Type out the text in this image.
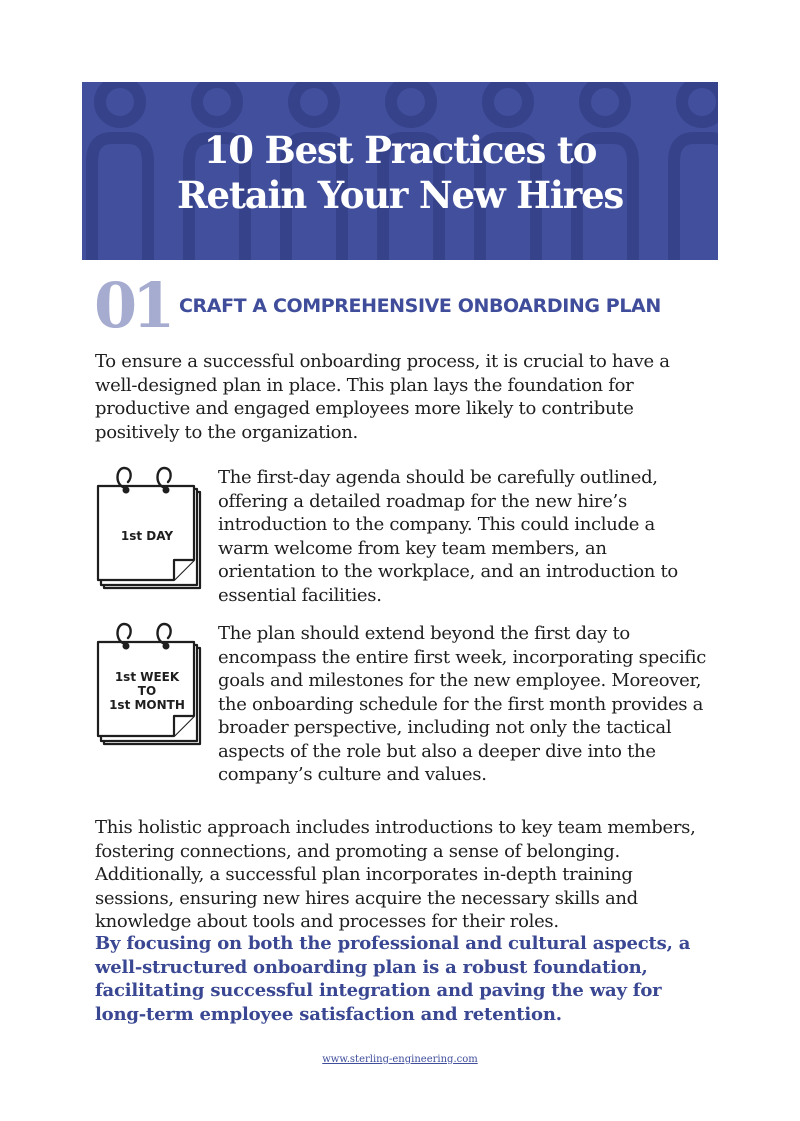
10 Best Practices to
Retain Your New Hires
01 CRAFT A COMPREHENSIVE ONBOARDING PLAN

To ensure a successful onboarding process, it is crucial to have a well-designed plan in place. This plan lays the foundation for productive and engaged employees more likely to contribute positively to the organization.

1st DAY

The first-day agenda should be carefully outlined, offering a detailed roadmap for the new hire’s introduction to the company. This could include a warm welcome from key team members, an orientation to the workplace, and an introduction to essential facilities.

1st WEEK
TO
1st MONTH

The plan should extend beyond the first day to encompass the entire first week, incorporating specific goals and milestones for the new employee. Moreover, the onboarding schedule for the first month provides a broader perspective, including not only the tactical aspects of the role but also a deeper dive into the company’s culture and values.

This holistic approach includes introductions to key team members, fostering connections, and promoting a sense of belonging. Additionally, a successful plan incorporates in-depth training sessions, ensuring new hires acquire the necessary skills and knowledge about tools and processes for their roles.

By focusing on both the professional and cultural aspects, a well-structured onboarding plan is a robust foundation, facilitating successful integration and paving the way for long-term employee satisfaction and retention.

www.sterling-engineering.com
